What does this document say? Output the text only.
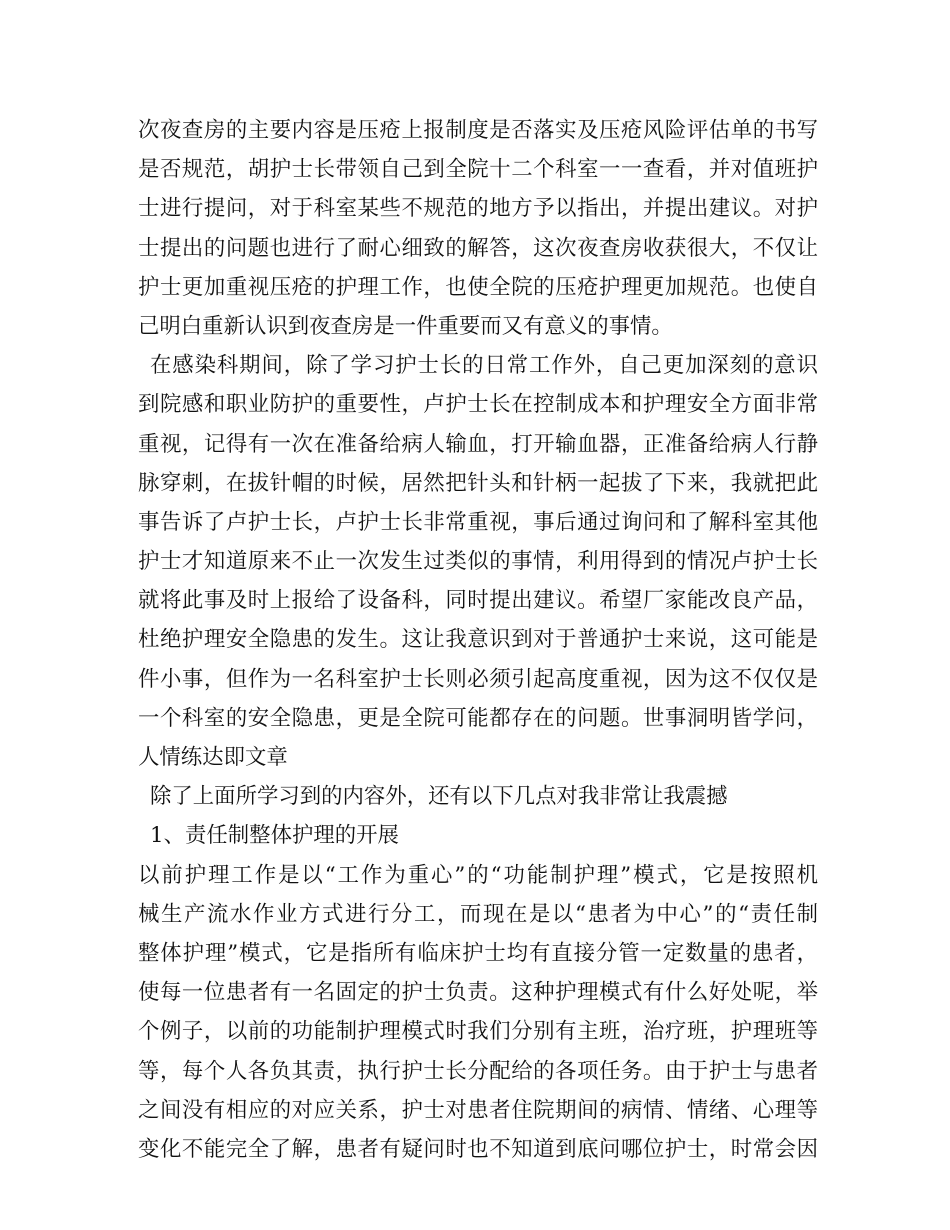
次夜查房的主要内容是压疮上报制度是否落实及压疮风险评估单的书写
是否规范，胡护士长带领自己到全院十二个科室一一查看，并对值班护
士进行提问，对于科室某些不规范的地方予以指出，并提出建议。对护
士提出的问题也进行了耐心细致的解答，这次夜查房收获很大，不仅让
护士更加重视压疮的护理工作，也使全院的压疮护理更加规范。也使自
己明白重新认识到夜查房是一件重要而又有意义的事情。
在感染科期间，除了学习护士长的日常工作外，自己更加深刻的意识
到院感和职业防护的重要性，卢护士长在控制成本和护理安全方面非常
重视，记得有一次在准备给病人输血，打开输血器，正准备给病人行静
脉穿刺，在拔针帽的时候，居然把针头和针柄一起拔了下来，我就把此
事告诉了卢护士长，卢护士长非常重视，事后通过询问和了解科室其他
护士才知道原来不止一次发生过类似的事情，利用得到的情况卢护士长
就将此事及时上报给了设备科，同时提出建议。希望厂家能改良产品，
杜绝护理安全隐患的发生。这让我意识到对于普通护士来说，这可能是
件小事，但作为一名科室护士长则必须引起高度重视，因为这不仅仅是
一个科室的安全隐患，更是全院可能都存在的问题。世事洞明皆学问，
人情练达即文章
除了上面所学习到的内容外，还有以下几点对我非常让我震撼
1、责任制整体护理的开展
以前护理工作是以“工作为重心”的“功能制护理”模式，它是按照机
械生产流水作业方式进行分工，而现在是以“患者为中心”的“责任制
整体护理”模式，它是指所有临床护士均有直接分管一定数量的患者，
使每一位患者有一名固定的护士负责。这种护理模式有什么好处呢，举
个例子，以前的功能制护理模式时我们分别有主班，治疗班，护理班等
等，每个人各负其责，执行护士长分配给的各项任务。由于护士与患者
之间没有相应的对应关系，护士对患者住院期间的病情、情绪、心理等
变化不能完全了解，患者有疑问时也不知道到底问哪位护士，时常会因
